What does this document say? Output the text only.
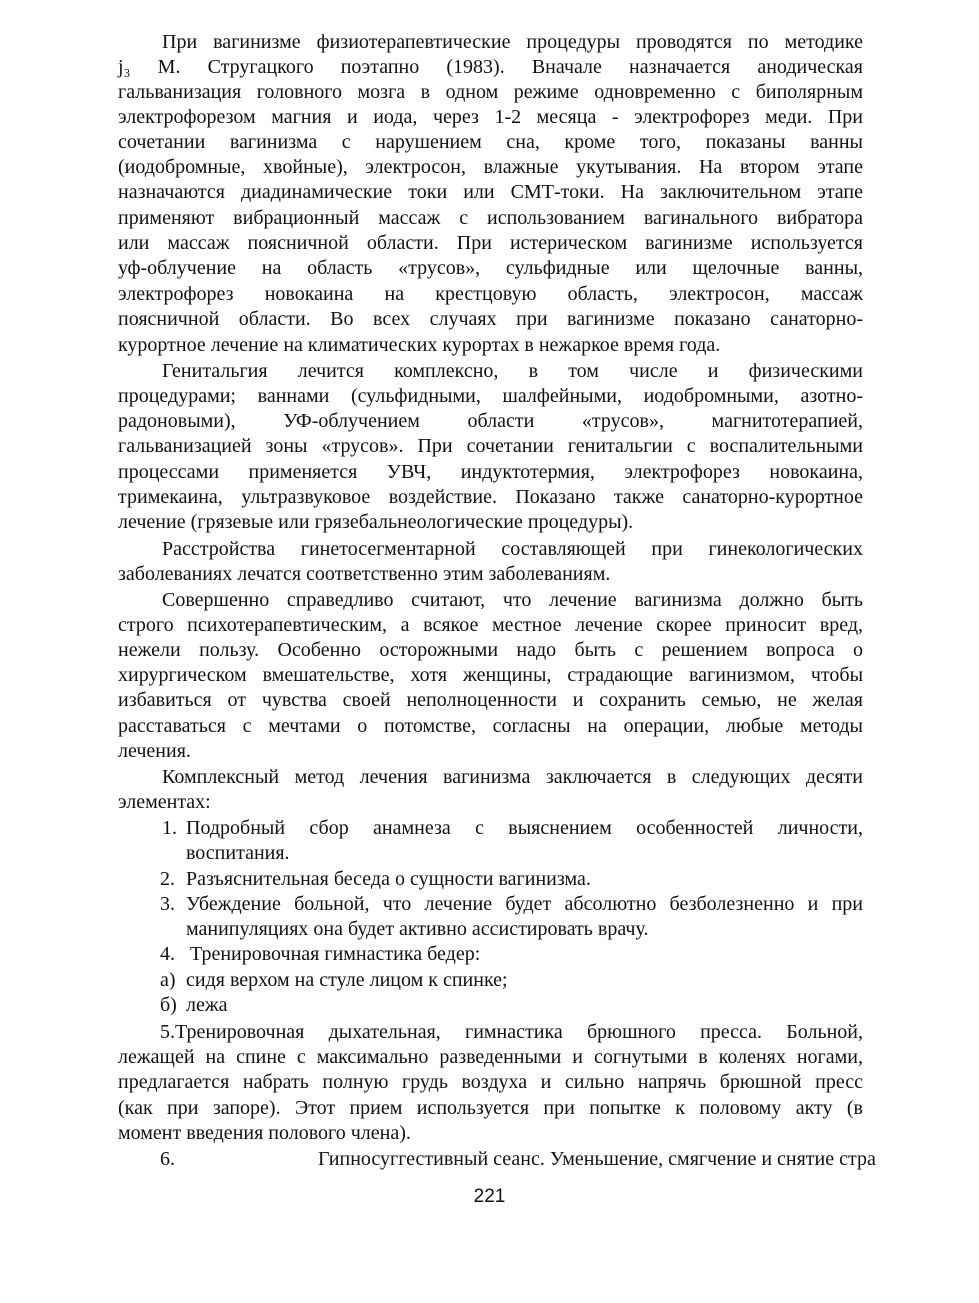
При вагинизме физиотерапевтические процедуры проводятся по методике
j₃ М. Стругацкого поэтапно (1983). Вначале назначается анодическая
гальванизация головного мозга в одном режиме одновременно с биполярным
электрофорезом магния и иода, через 1-2 месяца - электрофорез меди. При
сочетании вагинизма с нарушением сна, кроме того, показаны ванны
(иодобромные, хвойные), электросон, влажные укутывания. На втором этапе
назначаются диадинамические токи или СМТ-токи. На заключительном этапе
применяют вибрационный массаж с использованием вагинального вибратора
или массаж поясничной области. При истерическом вагинизме используется
уф-облучение на область «трусов», сульфидные или щелочные ванны,
электрофорез новокаина на крестцовую область, электросон, массаж
поясничной области. Во всех случаях при вагинизме показано санаторно-
курортное лечение на климатических курортах в нежаркое время года.
Генитальгия лечится комплексно, в том числе и физическими
процедурами; ваннами (сульфидными, шалфейными, иодобромными, азотно-
радоновыми), УФ-облучением области «трусов», магнитотерапией,
гальванизацией зоны «трусов». При сочетании генитальгии с воспалительными
процессами применяется УВЧ, индуктотермия, электрофорез новокаина,
тримекаина, ультразвуковое воздействие. Показано также санаторно-курортное
лечение (грязевые или грязебальнеологические процедуры).
Расстройства гинетосегментарной составляющей при гинекологических
заболеваниях лечатся соответственно этим заболеваниям.
Совершенно справедливо считают, что лечение вагинизма должно быть
строго психотерапевтическим, а всякое местное лечение скорее приносит вред,
нежели пользу. Особенно осторожными надо быть с решением вопроса о
хирургическом вмешательстве, хотя женщины, страдающие вагинизмом, чтобы
избавиться от чувства своей неполноценности и сохранить семью, не желая
расставаться с мечтами о потомстве, согласны на операции, любые методы
лечения.
Комплексный метод лечения вагинизма заключается в следующих десяти
элементах:
1. Подробный сбор анамнеза с выяснением особенностей личности,
воспитания.
2. Разъяснительная беседа о сущности вагинизма.
3. Убеждение больной, что лечение будет абсолютно безболезненно и при
манипуляциях она будет активно ассистировать врачу.
4. Тренировочная гимнастика бедер:
а) сидя верхом на стуле лицом к спинке;
б) лежа
5.Тренировочная дыхательная, гимнастика брюшного пресса. Больной,
лежащей на спине с максимально разведенными и согнутыми в коленях ногами,
предлагается набрать полную грудь воздуха и сильно напрячь брюшной пресс
(как при запоре). Этот прием используется при попытке к половому акту (в
момент введения полового члена).
6.	Гипносуггестивный сеанс. Уменьшение, смягчение и снятие стра
221
